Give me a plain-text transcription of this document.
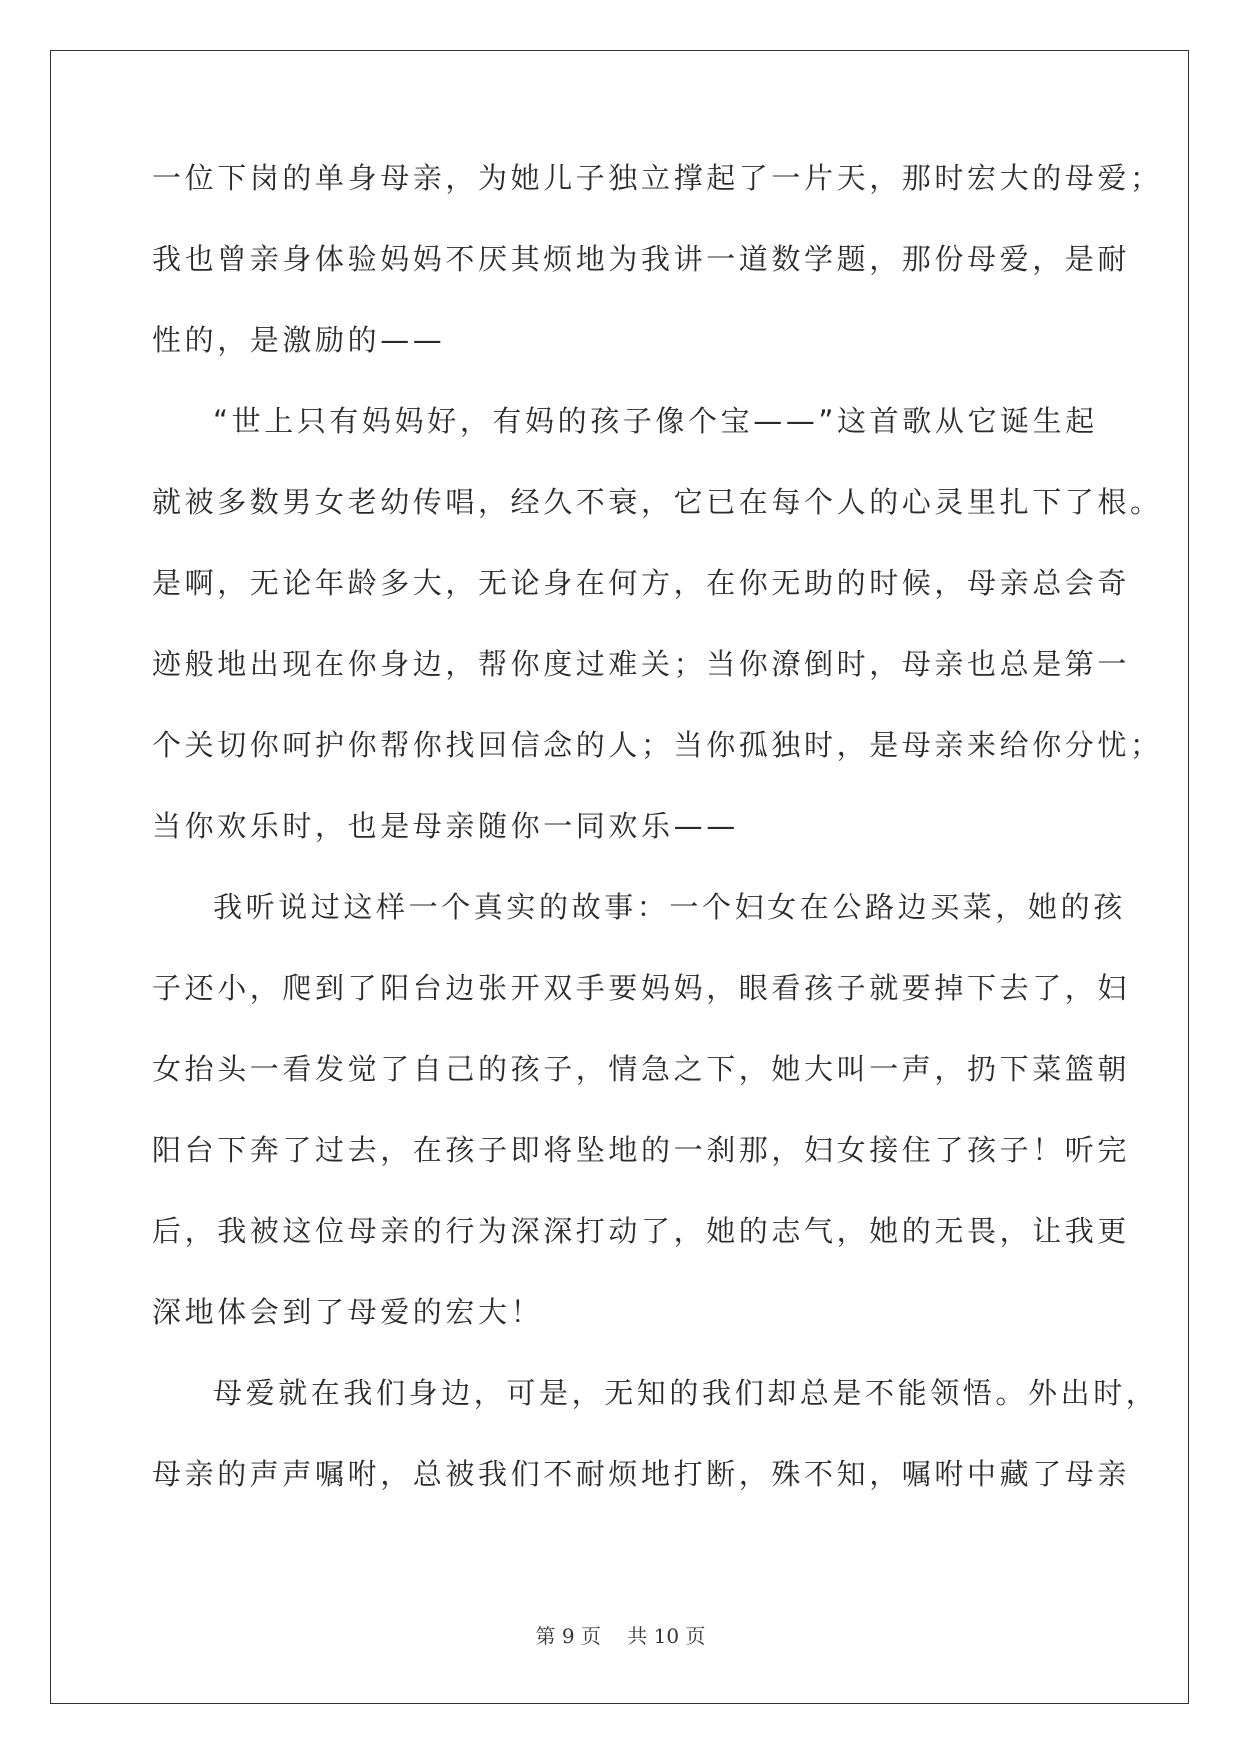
一位下岗的单身母亲，为她儿子独立撑起了一片天，那时宏大的母爱；
我也曾亲身体验妈妈不厌其烦地为我讲一道数学题，那份母爱，是耐
性的，是激励的——
“世上只有妈妈好，有妈的孩子像个宝——”这首歌从它诞生起
就被多数男女老幼传唱，经久不衰，它已在每个人的心灵里扎下了根。
是啊，无论年龄多大，无论身在何方，在你无助的时候，母亲总会奇
迹般地出现在你身边，帮你度过难关；当你潦倒时，母亲也总是第一
个关切你呵护你帮你找回信念的人；当你孤独时，是母亲来给你分忧；
当你欢乐时，也是母亲随你一同欢乐——
我听说过这样一个真实的故事：一个妇女在公路边买菜，她的孩
子还小，爬到了阳台边张开双手要妈妈，眼看孩子就要掉下去了，妇
女抬头一看发觉了自己的孩子，情急之下，她大叫一声，扔下菜篮朝
阳台下奔了过去，在孩子即将坠地的一刹那，妇女接住了孩子！听完
后，我被这位母亲的行为深深打动了，她的志气，她的无畏，让我更
深地体会到了母爱的宏大！
母爱就在我们身边，可是，无知的我们却总是不能领悟。外出时，
母亲的声声嘱咐，总被我们不耐烦地打断，殊不知，嘱咐中藏了母亲
第 9 页　 共 10 页
